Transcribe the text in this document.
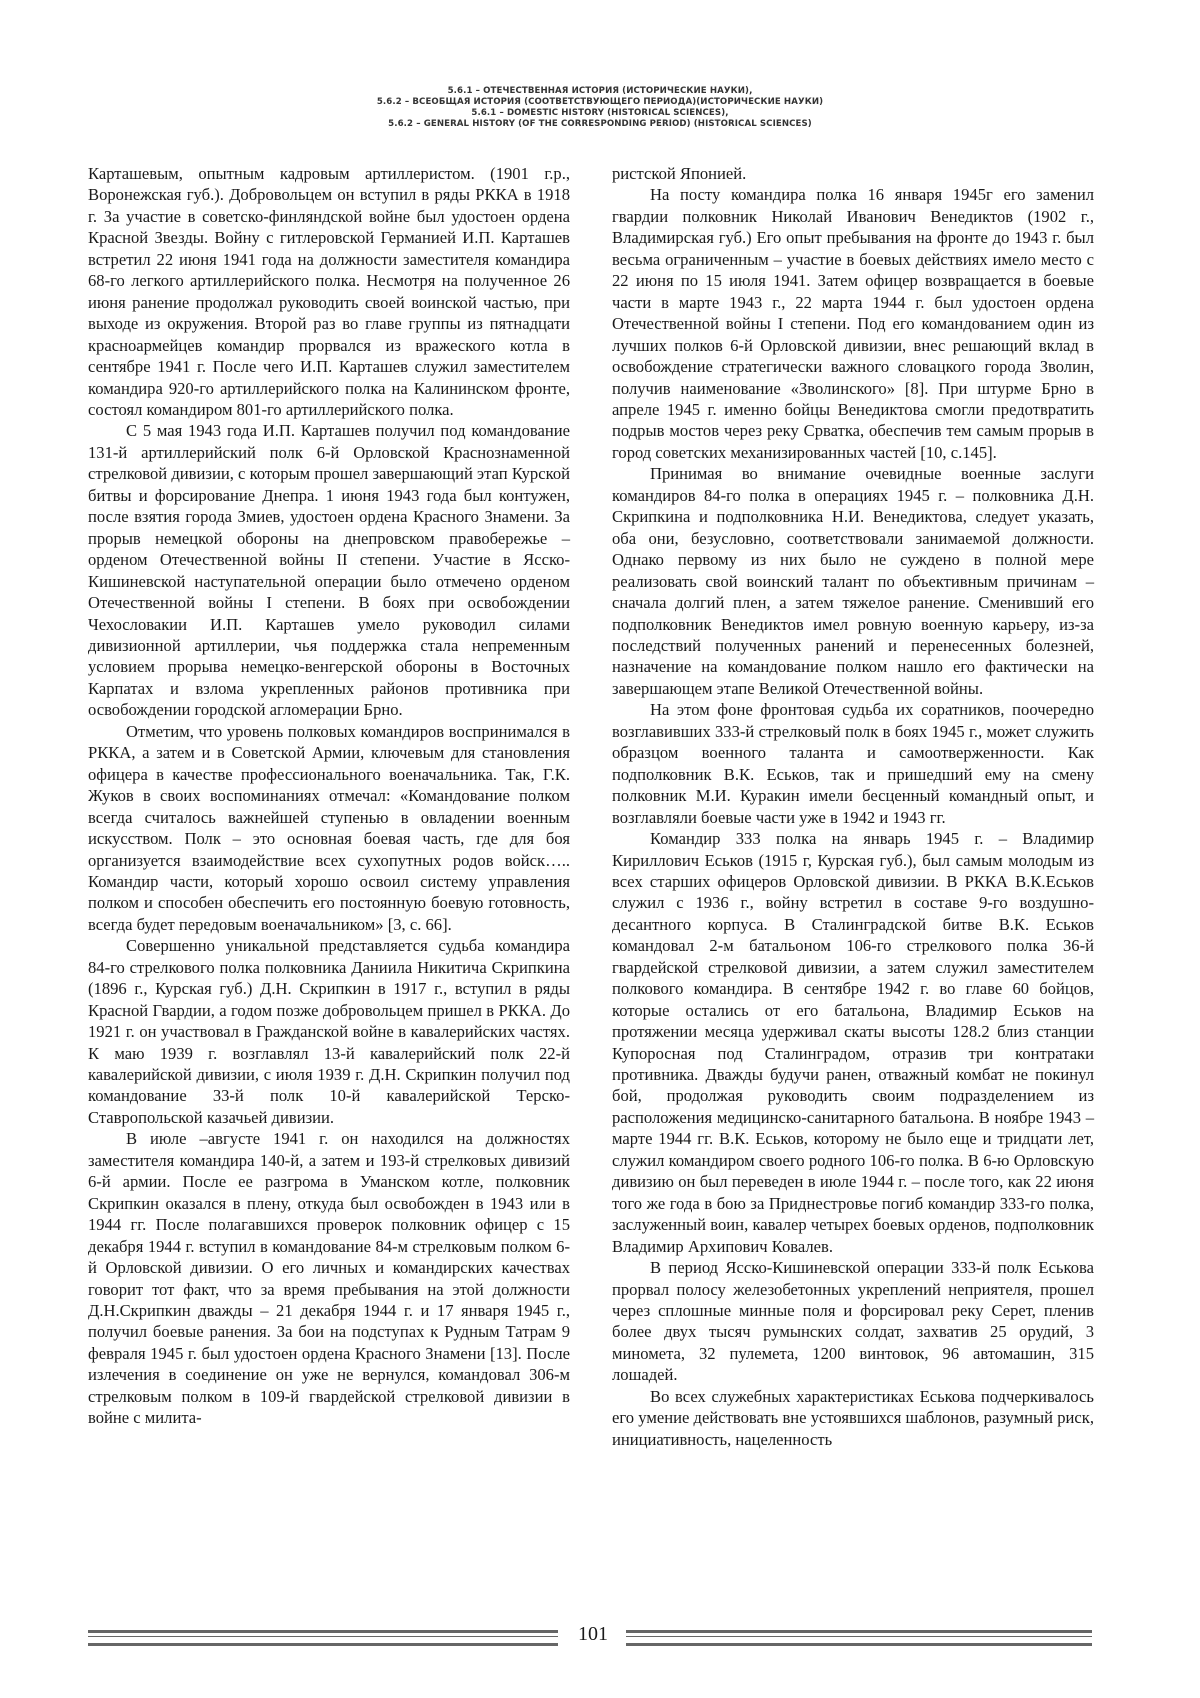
5.6.1 – ОТЕЧЕСТВЕННАЯ ИСТОРИЯ (ИСТОРИЧЕСКИЕ НАУКИ),
5.6.2 – ВСЕОБЩАЯ ИСТОРИЯ (СООТВЕТСТВУЮЩЕГО ПЕРИОДА)(ИСТОРИЧЕСКИЕ НАУКИ)
5.6.1 – DOMESTIC HISTORY (HISTORICAL SCIENCES),
5.6.2 – GENERAL HISTORY (OF THE CORRESPONDING PERIOD) (HISTORICAL SCIENCES)

Карташевым, опытным кадровым артиллеристом. (1901 г.р., Воронежская губ.). Добровольцем он вступил в ряды РККА в 1918 г. За участие в советско-финляндской войне был удостоен ордена Красной Звезды. Войну с гитлеровской Германией И.П. Карташев встретил 22 июня 1941 года на должности заместителя командира 68-го легкого артиллерийского полка. Несмотря на полученное 26 июня ранение продолжал руководить своей воинской частью, при выходе из окружения. Второй раз во главе группы из пятнадцати красноармейцев командир прорвался из вражеского котла в сентябре 1941 г. После чего И.П. Карташев служил заместителем командира 920-го артиллерийского полка на Калининском фронте, состоял командиром 801-го артиллерийского полка.

С 5 мая 1943 года И.П. Карташев получил под командование 131-й артиллерийский полк 6-й Орловской Краснознаменной стрелковой дивизии, с которым прошел завершающий этап Курской битвы и форсирование Днепра. 1 июня 1943 года был контужен, после взятия города Змиев, удостоен ордена Красного Знамени. За прорыв немецкой обороны на днепровском правобережье – орденом Отечественной войны II степени. Участие в Ясско-Кишиневской наступательной операции было отмечено орденом Отечественной войны I степени. В боях при освобождении Чехословакии И.П. Карташев умело руководил силами дивизионной артиллерии, чья поддержка стала непременным условием прорыва немецко-венгерской обороны в Восточных Карпатах и взлома укрепленных районов противника при освобождении городской агломерации Брно.

Отметим, что уровень полковых командиров воспринимался в РККА, а затем и в Советской Армии, ключевым для становления офицера в качестве профессионального военачальника. Так, Г.К. Жуков в своих воспоминаниях отмечал: «Командование полком всегда считалось важнейшей ступенью в овладении военным искусством. Полк – это основная боевая часть, где для боя организуется взаимодействие всех сухопутных родов войск….. Командир части, который хорошо освоил систему управления полком и способен обеспечить его постоянную боевую готовность, всегда будет передовым военачальником» [3, с. 66].

Совершенно уникальной представляется судьба командира 84-го стрелкового полка полковника Даниила Никитича Скрипкина (1896 г., Курская губ.) Д.Н. Скрипкин в 1917 г., вступил в ряды Красной Гвардии, а годом позже добровольцем пришел в РККА. До 1921 г. он участвовал в Гражданской войне в кавалерийских частях. К маю 1939 г. возглавлял 13-й кавалерийский полк 22-й кавалерийской дивизии, с июля 1939 г. Д.Н. Скрипкин получил под командование 33-й полк 10-й кавалерийской Терско-Ставропольской казачьей дивизии.

В июле –августе 1941 г. он находился на должностях заместителя командира 140-й, а затем и 193-й стрелковых дивизий 6-й армии. После ее разгрома в Уманском котле, полковник Скрипкин оказался в плену, откуда был освобожден в 1943 или в 1944 гг. После полагавшихся проверок полковник офицер с 15 декабря 1944 г. вступил в командование 84-м стрелковым полком 6-й Орловской дивизии. О его личных и командирских качествах говорит тот факт, что за время пребывания на этой должности Д.Н.Скрипкин дважды – 21 декабря 1944 г. и 17 января 1945 г., получил боевые ранения. За бои на подступах к Рудным Татрам 9 февраля 1945 г. был удостоен ордена Красного Знамени [13]. После излечения в соединение он уже не вернулся, командовал 306-м стрелковым полком в 109-й гвардейской стрелковой дивизии в войне с милита-

ристской Японией.

На посту командира полка 16 января 1945г его заменил гвардии полковник Николай Иванович Венедиктов (1902 г., Владимирская губ.) Его опыт пребывания на фронте до 1943 г. был весьма ограниченным – участие в боевых действиях имело место с 22 июня по 15 июля 1941. Затем офицер возвращается в боевые части в марте 1943 г., 22 марта 1944 г. был удостоен ордена Отечественной войны I степени. Под его командованием один из лучших полков 6-й Орловской дивизии, внес решающий вклад в освобождение стратегически важного словацкого города Зволин, получив наименование «Зволинского» [8]. При штурме Брно в апреле 1945 г. именно бойцы Венедиктова смогли предотвратить подрыв мостов через реку Срватка, обеспечив тем самым прорыв в город советских механизированных частей [10, с.145].

Принимая во внимание очевидные военные заслуги командиров 84-го полка в операциях 1945 г. – полковника Д.Н. Скрипкина и подполковника Н.И. Венедиктова, следует указать, оба они, безусловно, соответствовали занимаемой должности. Однако первому из них было не суждено в полной мере реализовать свой воинский талант по объективным причинам – сначала долгий плен, а затем тяжелое ранение. Сменивший его подполковник Венедиктов имел ровную военную карьеру, из-за последствий полученных ранений и перенесенных болезней, назначение на командование полком нашло его фактически на завершающем этапе Великой Отечественной войны.

На этом фоне фронтовая судьба их соратников, поочередно возглавивших 333-й стрелковый полк в боях 1945 г., может служить образцом военного таланта и самоотверженности. Как подполковник В.К. Еськов, так и пришедший ему на смену полковник М.И. Куракин имели бесценный командный опыт, и возглавляли боевые части уже в 1942 и 1943 гг.

Командир 333 полка на январь 1945 г. – Владимир Кириллович Еськов (1915 г, Курская губ.), был самым молодым из всех старших офицеров Орловской дивизии. В РККА В.К.Еськов служил с 1936 г., войну встретил в составе 9-го воздушно-десантного корпуса. В Сталинградской битве В.К. Еськов командовал 2-м батальоном 106-го стрелкового полка 36-й гвардейской стрелковой дивизии, а затем служил заместителем полкового командира. В сентябре 1942 г. во главе 60 бойцов, которые остались от его батальона, Владимир Еськов на протяжении месяца удерживал скаты высоты 128.2 близ станции Купоросная под Сталинградом, отразив три контратаки противника. Дважды будучи ранен, отважный комбат не покинул бой, продолжая руководить своим подразделением из расположения медицинско-санитарного батальона. В ноябре 1943 – марте 1944 гг. В.К. Еськов, которому не было еще и тридцати лет, служил командиром своего родного 106-го полка. В 6-ю Орловскую дивизию он был переведен в июле 1944 г. – после того, как 22 июня того же года в бою за Приднестровье погиб командир 333-го полка, заслуженный воин, кавалер четырех боевых орденов, подполковник Владимир Архипович Ковалев.

В период Ясско-Кишиневской операции 333-й полк Еськова прорвал полосу железобетонных укреплений неприятеля, прошел через сплошные минные поля и форсировал реку Серет, пленив более двух тысяч румынских солдат, захватив 25 орудий, 3 миномета, 32 пулемета, 1200 винтовок, 96 автомашин, 315 лошадей.

Во всех служебных характеристиках Еськова подчеркивалось его умение действовать вне устоявшихся шаблонов, разумный риск, инициативность, нацеленность

101
